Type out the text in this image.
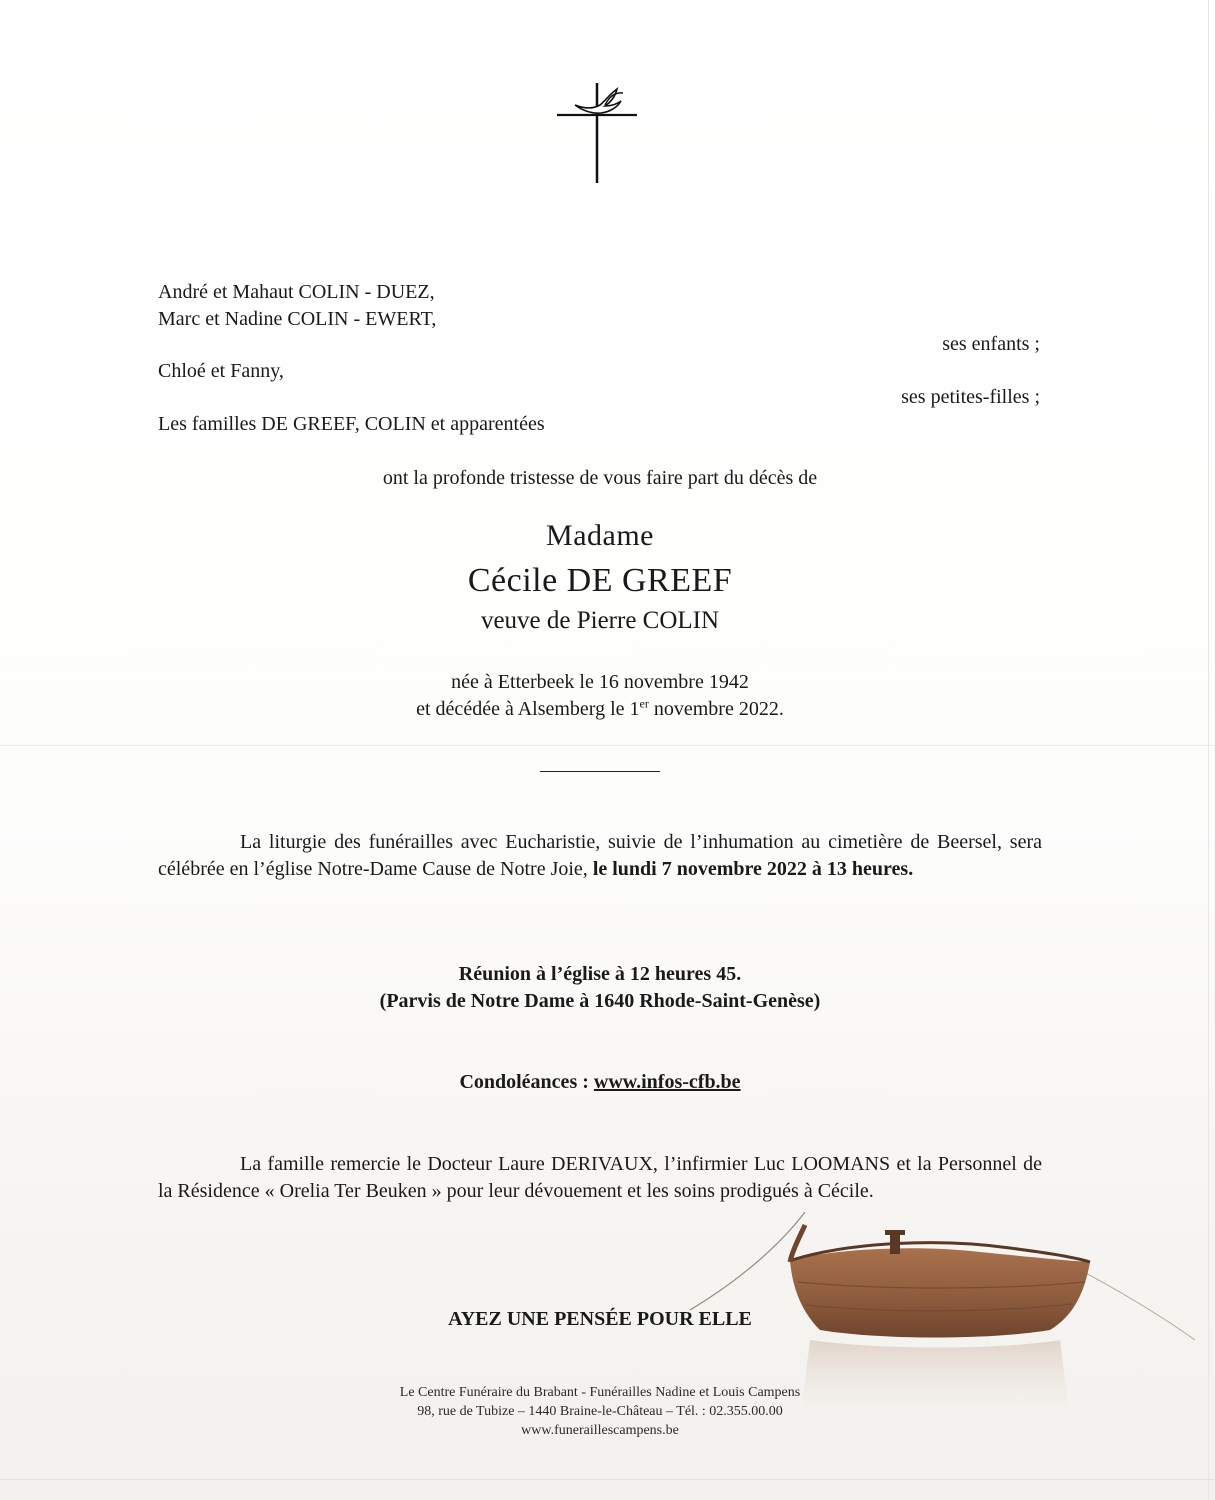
André et Mahaut COLIN - DUEZ,
Marc et Nadine COLIN - EWERT,
ses enfants ;
Chloé et Fanny,
ses petites-filles ;
Les familles DE GREEF, COLIN et apparentées
ont la profonde tristesse de vous faire part du décès de
Madame
Cécile DE GREEF
veuve de Pierre COLIN
née à Etterbeek le 16 novembre 1942
et décédée à Alsemberg le 1er novembre 2022.
La liturgie des funérailles avec Eucharistie, suivie de l’inhumation au cimetière de Beersel, sera célébrée en l’église Notre-Dame Cause de Notre Joie, le lundi 7 novembre 2022 à 13 heures.
Réunion à l’église à 12 heures 45.
(Parvis de Notre Dame à 1640 Rhode-Saint-Genèse)
Condoléances : www.infos-cfb.be
La famille remercie le Docteur Laure DERIVAUX, l’infirmier Luc LOOMANS et la Personnel de la Résidence « Orelia Ter Beuken » pour leur dévouement et les soins prodigués à Cécile.
AYEZ UNE PENSÉE POUR ELLE
Le Centre Funéraire du Brabant - Funérailles Nadine et Louis Campens
98, rue de Tubize – 1440 Braine-le-Château – Tél. : 02.355.00.00
www.funeraillescampens.be
